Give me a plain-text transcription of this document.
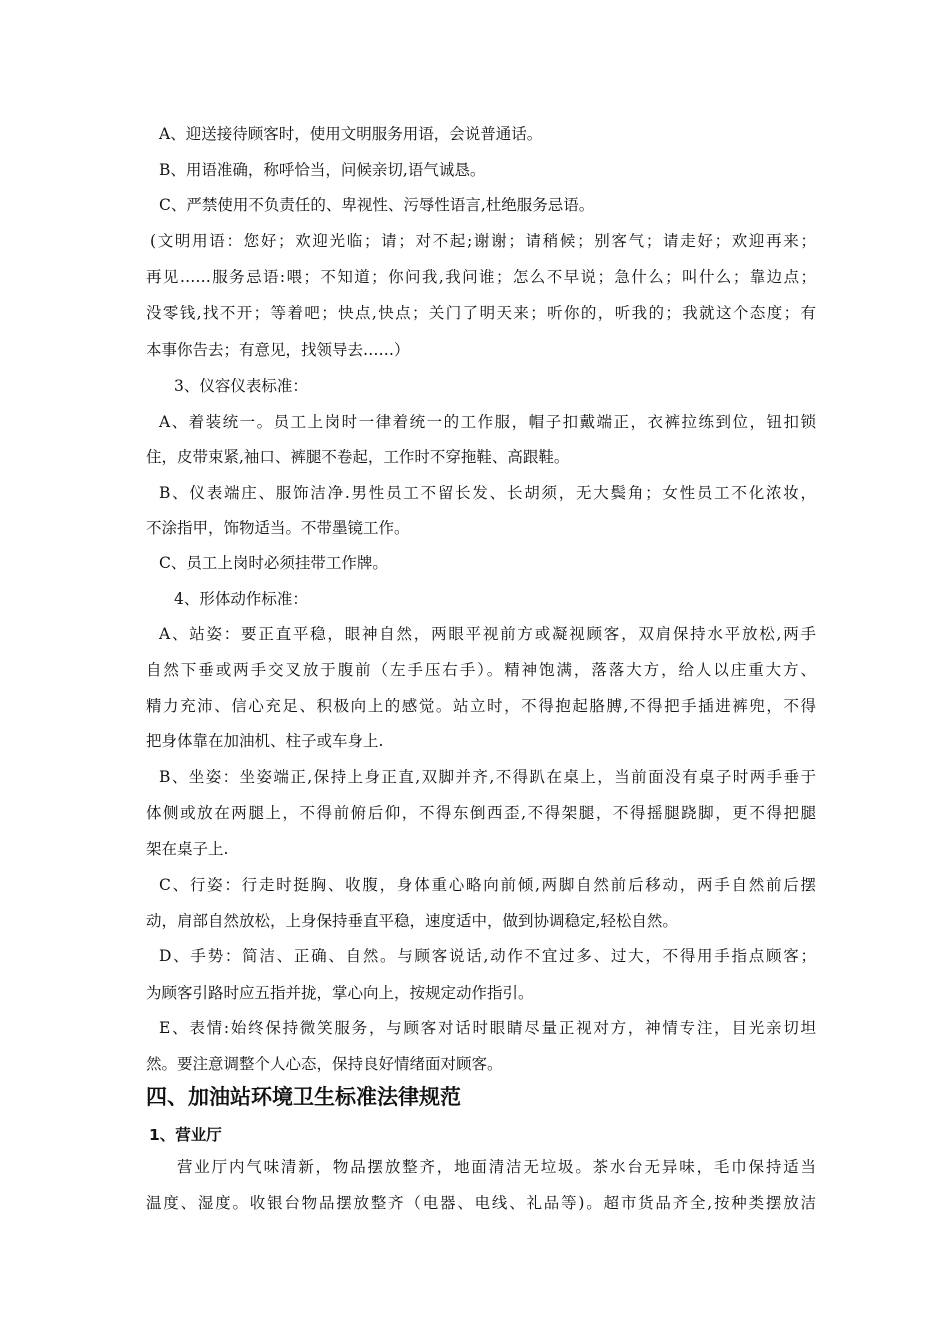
A、迎送接待顾客时，使用文明服务用语，会说普通话。
B、用语准确，称呼恰当，问候亲切,语气诚恳。
C、严禁使用不负责任的、卑视性、污辱性语言,杜绝服务忌语。
(文明用语：您好；欢迎光临；请；对不起;谢谢；请稍候；别客气；请走好；欢迎再来；
再见……服务忌语:喂；不知道；你问我,我问谁；怎么不早说；急什么；叫什么；靠边点；
没零钱,找不开；等着吧；快点,快点；关门了明天来；听你的，听我的；我就这个态度；有
本事你告去；有意见，找领导去……）
3、仪容仪表标准：
A、着装统一。员工上岗时一律着统一的工作服，帽子扣戴端正，衣裤拉练到位，钮扣锁
住，皮带束紧,袖口、裤腿不卷起，工作时不穿拖鞋、高跟鞋。
B、仪表端庄、服饰洁净.男性员工不留长发、长胡须，无大鬓角；女性员工不化浓妆，
不涂指甲，饰物适当。不带墨镜工作。
C、员工上岗时必须挂带工作牌。
4、形体动作标准：
A、站姿：要正直平稳，眼神自然，两眼平视前方或凝视顾客，双肩保持水平放松,两手
自然下垂或两手交叉放于腹前（左手压右手）。精神饱满，落落大方，给人以庄重大方、
精力充沛、信心充足、积极向上的感觉。站立时，不得抱起胳膊,不得把手插进裤兜，不得
把身体靠在加油机、柱子或车身上.
B、坐姿：坐姿端正,保持上身正直,双脚并齐,不得趴在桌上，当前面没有桌子时两手垂于
体侧或放在两腿上，不得前俯后仰，不得东倒西歪,不得架腿，不得摇腿跷脚，更不得把腿
架在桌子上.
C、行姿：行走时挺胸、收腹，身体重心略向前倾,两脚自然前后移动，两手自然前后摆
动，肩部自然放松，上身保持垂直平稳，速度适中，做到协调稳定,轻松自然。
D、手势：简洁、正确、自然。与顾客说话,动作不宜过多、过大，不得用手指点顾客；
为顾客引路时应五指并拢，掌心向上，按规定动作指引。
E、表情:始终保持微笑服务，与顾客对话时眼睛尽量正视对方，神情专注，目光亲切坦
然。要注意调整个人心态，保持良好情绪面对顾客。
四、加油站环境卫生标准法律规范
1、营业厅
营业厅内气味清新，物品摆放整齐，地面清洁无垃圾。茶水台无异味，毛巾保持适当
温度、湿度。收银台物品摆放整齐（电器、电线、礼品等)。超市货品齐全,按种类摆放洁
